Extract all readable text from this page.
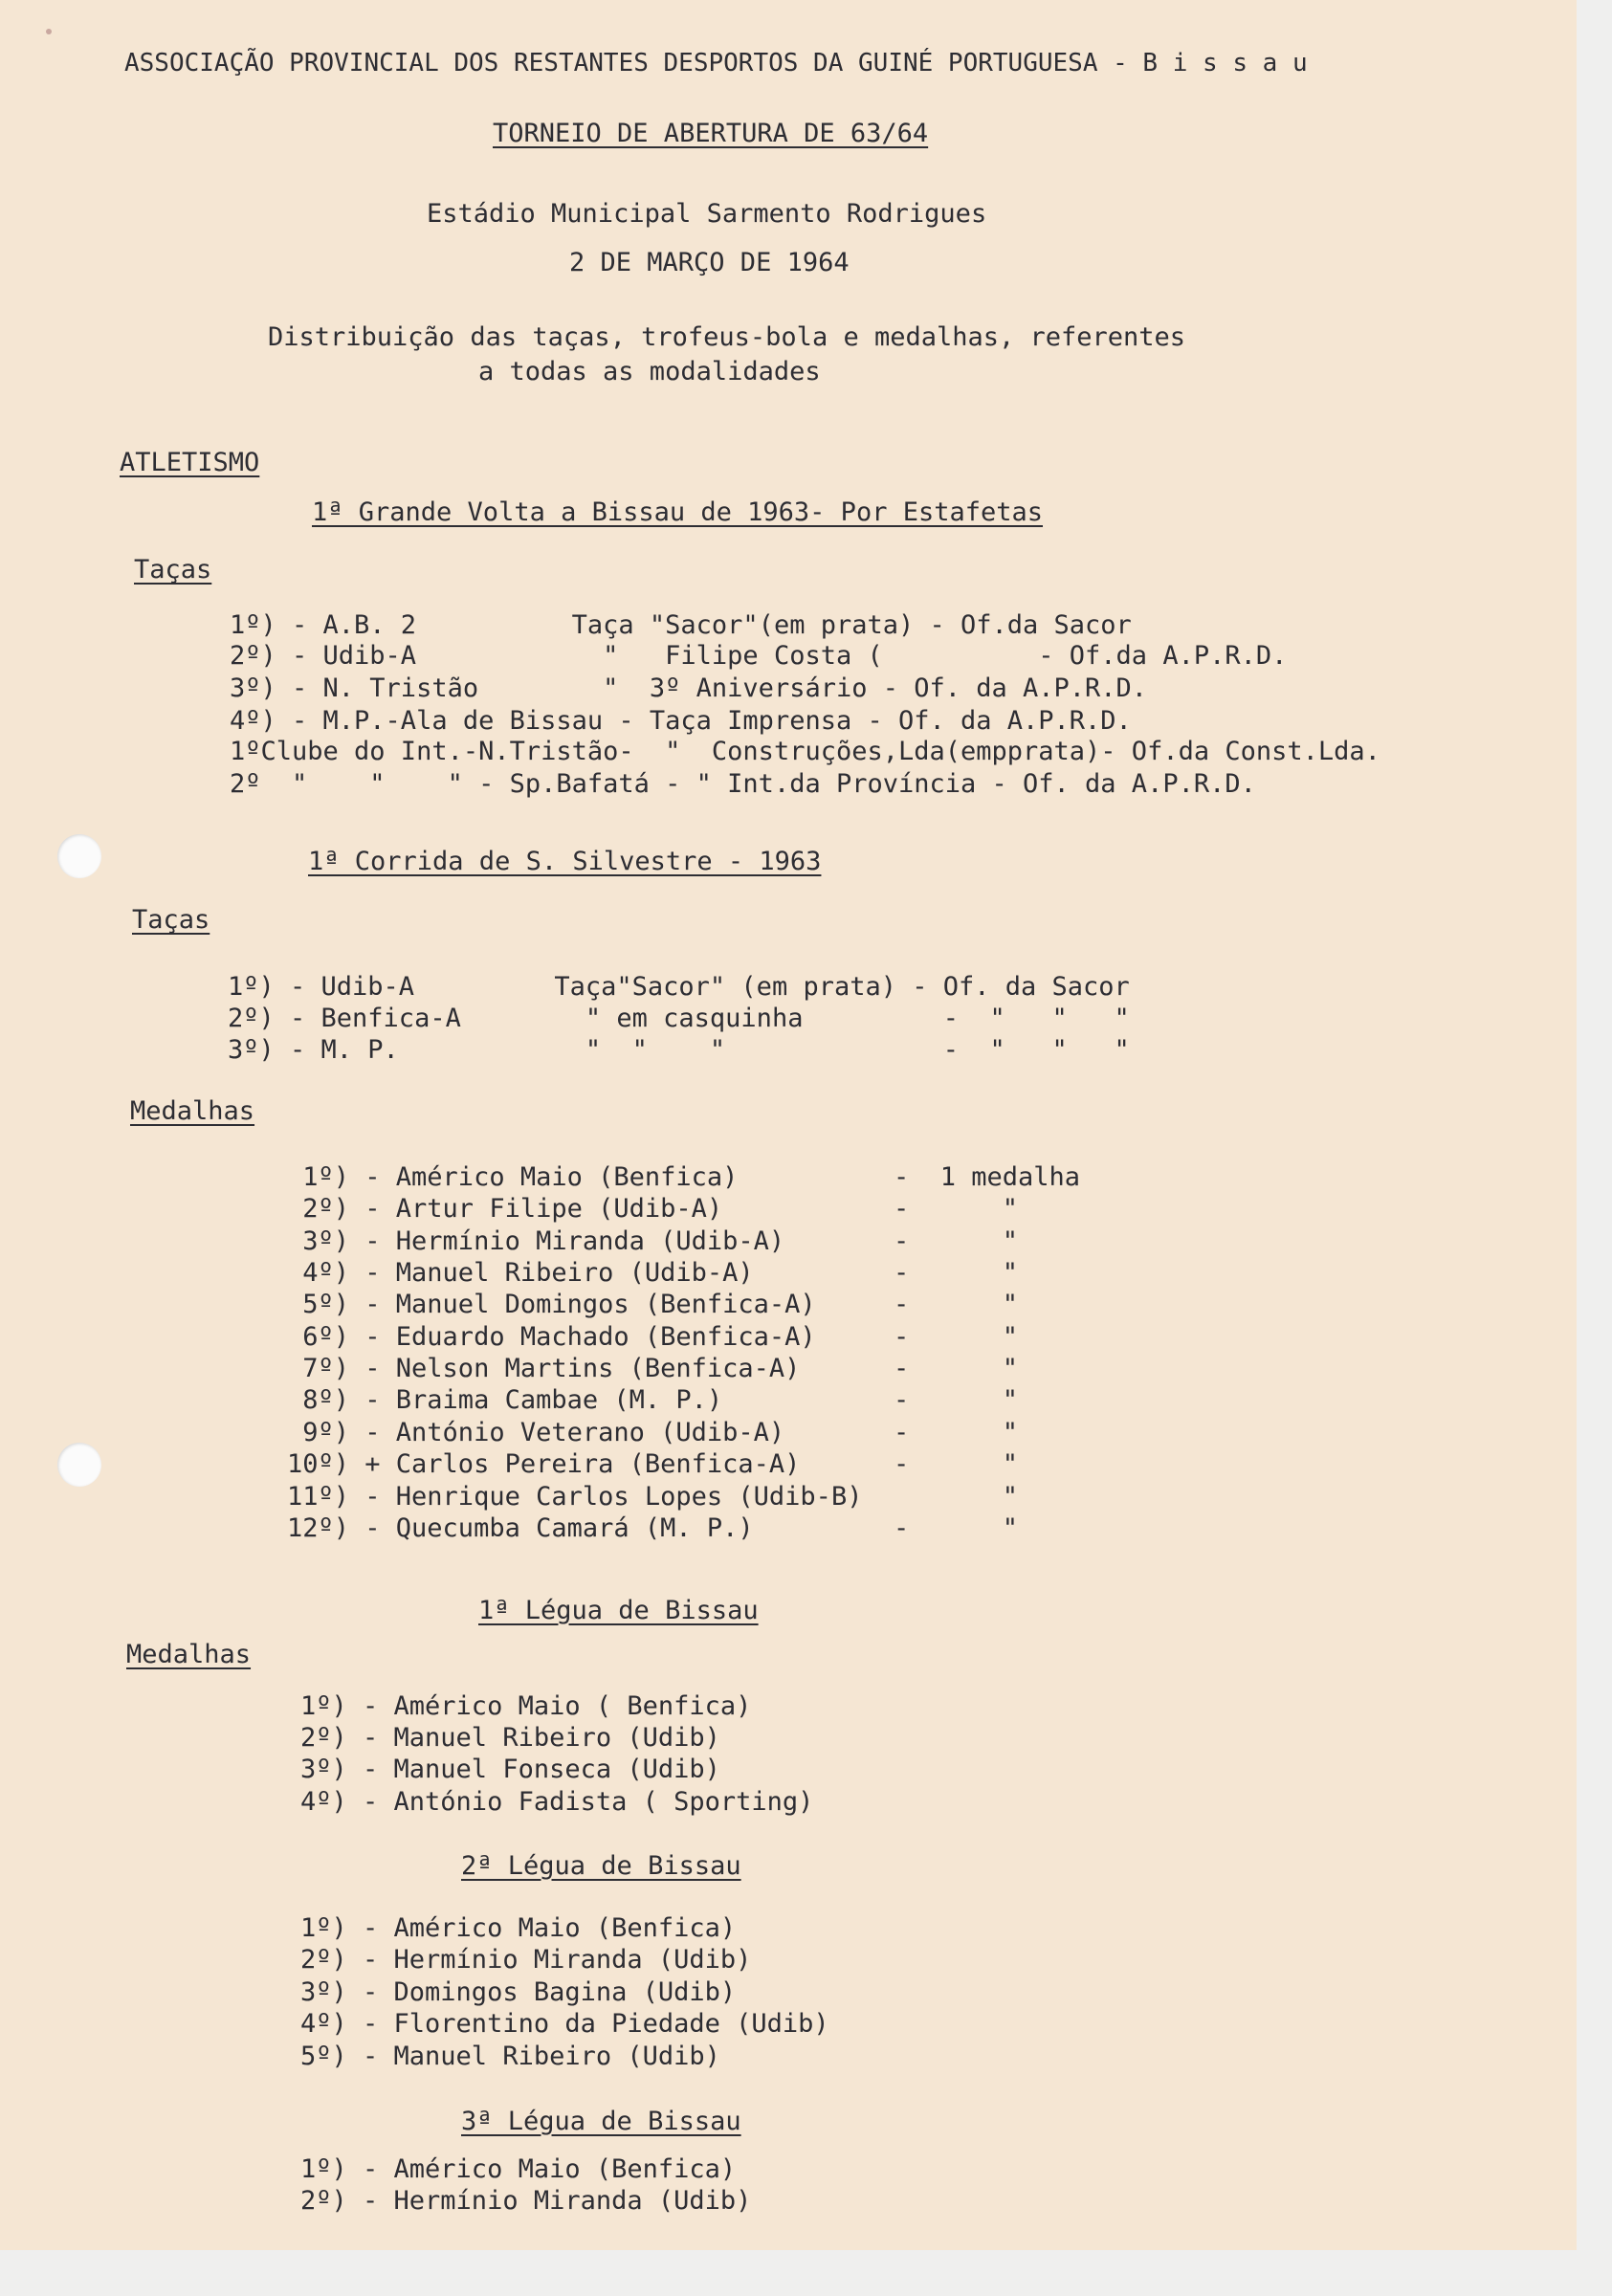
ASSOCIAÇÃO PROVINCIAL DOS RESTANTES DESPORTOS DA GUINÉ PORTUGUESA - B i s s a u
TORNEIO DE ABERTURA DE 63/64
Estádio Municipal Sarmento Rodrigues
2 DE MARÇO DE 1964
Distribuição das taças, trofeus-bola e medalhas, referentes
a todas as modalidades
ATLETISMO
1ª Grande Volta a Bissau de 1963- Por Estafetas
Taças
1º) - A.B. 2          Taça "Sacor"(em prata) - Of.da Sacor
2º) - Udib-A            "   Filipe Costa (          - Of.da A.P.R.D.
3º) - N. Tristão        "  3º Aniversário - Of. da A.P.R.D.
4º) - M.P.-Ala de Bissau - Taça Imprensa - Of. da A.P.R.D.
1ºClube do Int.-N.Tristão-  "  Construções,Lda(empprata)- Of.da Const.Lda.
2º  "    "    " - Sp.Bafatá - " Int.da Província - Of. da A.P.R.D.
1ª Corrida de S. Silvestre - 1963
Taças
1º) - Udib-A         Taça"Sacor" (em prata) - Of. da Sacor
2º) - Benfica-A        " em casquinha         -  "   "   "
3º) - M. P.            "  "    "              -  "   "   "
Medalhas
1º) - Américo Maio (Benfica)          -  1 medalha
2º) - Artur Filipe (Udib-A)           -      "
3º) - Hermínio Miranda (Udib-A)       -      "
4º) - Manuel Ribeiro (Udib-A)         -      "
5º) - Manuel Domingos (Benfica-A)     -      "
6º) - Eduardo Machado (Benfica-A)     -      "
7º) - Nelson Martins (Benfica-A)      -      "
8º) - Braima Cambae (M. P.)           -      "
9º) - António Veterano (Udib-A)       -      "
10º) + Carlos Pereira (Benfica-A)      -      "
11º) - Henrique Carlos Lopes (Udib-B)         "
12º) - Quecumba Camará (M. P.)         -      "
1ª Légua de Bissau
Medalhas
1º) - Américo Maio ( Benfica)
2º) - Manuel Ribeiro (Udib)
3º) - Manuel Fonseca (Udib)
4º) - António Fadista ( Sporting)
2ª Légua de Bissau
1º) - Américo Maio (Benfica)
2º) - Hermínio Miranda (Udib)
3º) - Domingos Bagina (Udib)
4º) - Florentino da Piedade (Udib)
5º) - Manuel Ribeiro (Udib)
3ª Légua de Bissau
1º) - Américo Maio (Benfica)
2º) - Hermínio Miranda (Udib)
